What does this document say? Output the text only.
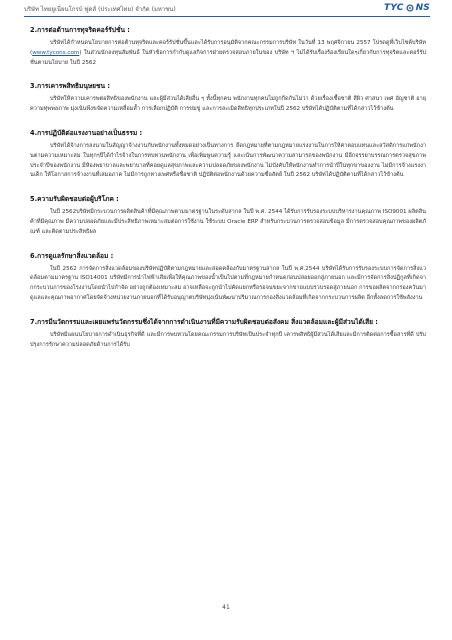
บริษัท ไทยยูเนี่ยนโกรบ์ ฟูดส์ (ประเทศไทย) จำกัด (มหาชน)	TYC NS
2.การต่อต้านการทุจริตคอร์รัปชั่น :

บริษัทได้กำหนดนโยบายการต่อต้านทุจริตและคอร์รัปชั่นขึ้นและได้รับการอนุมัติจากคณะกรรมการบริษัท ในวันที่ 13 พฤศจิกายน 2557 โปรดดูที่เว็บไซต์บริษัท (www.tycons.com) ในส่วนนักลงทุนสัมพันธ์ ในหัวข้อการกำกับดูแลกิจการฝ่ายตรวจสอบภายในของ บริษัท ฯ ไม่ได้รับเรื่องร้องเรียนใดๆเกี่ยวกับการทุจริตและคอร์รัปชั่นตามนโยบาย ในปี 2562

3.การเคารพสิทธิมนุษยชน :

บริษัทให้ความเคารพต่อสิทธิของพนักงาน และผู้มีส่วนได้เสียอื่น ๆ ทั้งนี้ทุกคน พนักงานทุกคนไม่ถูกกีดกันไม่ว่า ด้วยเรื่องเชื้อชาติ สีผิว ศาสนา เพศ อัญชาติ อายุ ความทุพพลภาพ มุ่งเน้นพึงขจัดความเหลื่อมล้ำ การเลือกปฏิบัติ การข่มขู่ และการละเมิดสิทธิทุกประเภทในปี 2562 บริษัทได้ปฏิบัติตามที่ได้กล่าวไว้ข้างต้น

4.การปฏิบัติต่อแรงงานอย่างเป็นธรรม :

บริษัทได้จ้างการลงนามในสัญญาจ้างงานกับพนักงานทั้งหมดอย่างเป็นทางการ ยึดกฎหมายที่ตามกฎหมายแรงงานในการให้ค่าตอบแทนและสวัสดิการแก่พนักงานตามความเหมาะสม ในทุกๆปีได้กำไรจ้างในการทบทวนพนักงาน เพื่อเพิ่มพูนความรู้ และเน้นการพัฒนาความสามารถของพนักงาน มีอีกจรรยาบรรณการตรวจสุขภาพประจำปีของพนักงาน มีห้องพยาบาลและพยาบาลที่คอยดูแลสุขภาพและความปลอดภัยของพนักงาน ไม่บังคับให้พนักงานทำการนำปีในทุกขาของงาน ไม่มีการจ้างแรงงานเด็ก ให้โอกาสการจ้างงานที่เสมอภาค ไม่มีการถูกทางเพศหรือชื่อชาติ ปฏิบัติต่อพนักงานด้วยความซื่อสัตย์ ในปี 2562 บริษัทได้ปฏิบัติตามที่ได้กล่าวไว้ข้างต้น

5.ความรับผิดชอบต่อผู้บริโภค :

ในปี 2562บริษัทมีกระบวนการผลิตสินค้าที่มีคุณภาพตามมาตรฐานในระดับสากล ในปี พ.ศ. 2544 ได้รับการรับรองระบบบริหารงานคุณภาพ ISO9001 ผลิตสินค้าที่มีคุณภาพ มีความปลอดภัยและมีประสิทธิภาพเหมาะสมต่อการใช้งาน ใช้ระบบ Oracle ERP สำหรับกระบวนการตรวจสอบข้อมูล มีการตรวจสอบคุณภาพของผลิตภัณฑ์ และติดตามประสิทธิผล

6.การดูแลรักษาสิ่งแวดล้อม :

ในปี 2562 การจัดการสิ่งแวดล้อมของบริษัทปฏิบัติตามกฎหมายและสอดคล้องกับมาตรฐานสากล ในปี พ.ศ.2544 บริษัทได้รับการรับรองระบบการจัดการสิ่งแวดล้อมตามมาตรฐาน ISO14001 บริษัทมีการนำไฟฟ้าเสียเพื่อให้คุณภาพของน้ำเป็นไปตามที่กฎหมายกำหนดก่อนปล่อยออกสู่ภายนอก และมีการจัดการสิ่งปฏิกูลที่เกิดจากกระบวนการของโรงงานโดยนำไปกำจัด อย่างถูกต้องเหมาะสม อาจเหลือจะถูกนำไปคัดแยกหรือรอจนขยะจากขายแบบรวบรอดสู่ภายนอก การขอผลิตจากกรองควันมาดูแลและคุณภาพอากาศโดยจัดจ้างหน่วยงานภายนอกที่ได้รับอนุญาตบริษัทมุ่งเน้นพัฒนาปริมาณการกองสิ่งแวดล้อมที่เกิดจากกระบวนการผลิต อีกทั้งลดการใช้พลังงาน

7.การมีนวัตกรรมและเผยแพร่นวัตกรรมซึ่งได้จากการดำเนินงานที่มีความรับผิดชอบต่อสังคม สิ่งแวดล้อมและผู้มีส่วนได้เสีย :

บริษัทมีแผนนโยบายการดำเนินธุรกิจที่ดี และมีการพบทวนโดยคณะกรรมการบริษัทเป็นประจำทุกปี เคารพสิทธิผู้มีส่วนได้เสียและมีการติดต่อการซื้อสารที่ดี ปรับปรุงการรักษาความปลอดภัยด้านการได้รับ

41
